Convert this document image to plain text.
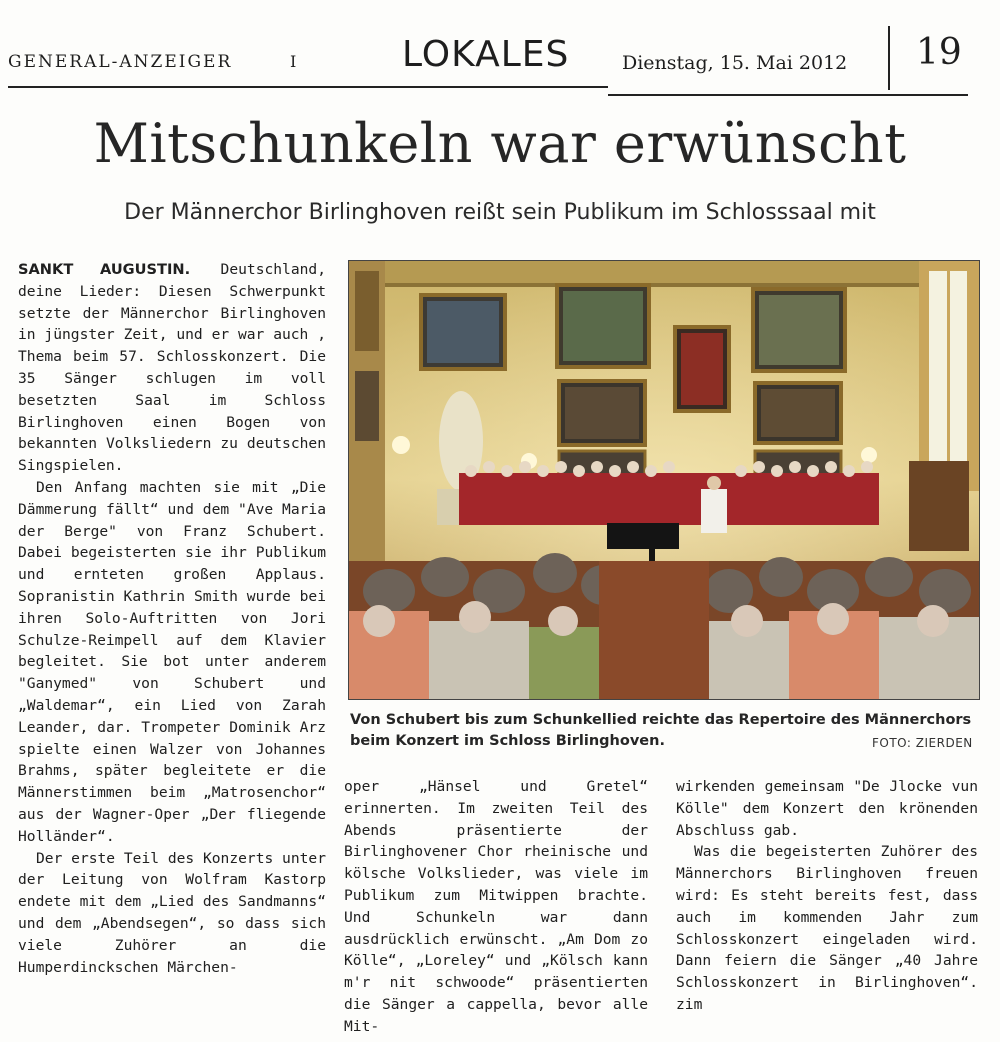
GENERAL-ANZEIGER	I	LOKALES	Dienstag, 15. Mai 2012 19
Mitschunkeln war erwünscht
Der Männerchor Birlinghoven reißt sein Publikum im Schlosssaal mit

SANKT AUGUSTIN. Deutschland, deine Lieder: Diesen Schwerpunkt setzte der Männerchor Birlinghoven in jüngster Zeit, und er war auch , Thema beim 57. Schlosskonzert. Die 35 Sänger schlugen im voll besetzten Saal im Schloss Birlinghoven einen Bogen von bekannten Volksliedern zu deutschen Singspielen.

Den Anfang machten sie mit „Die Dämmerung fällt“ und dem "Ave Maria der Berge" von Franz Schubert. Dabei begeisterten sie ihr Publikum und ernteten großen Applaus. Sopranistin Kathrin Smith wurde bei ihren Solo-Auftritten von Jori Schulze-Reimpell auf dem Klavier begleitet. Sie bot unter anderem "Ganymed" von Schubert und „Waldemar“, ein Lied von Zarah Leander, dar. Trompeter Dominik Arz spielte einen Walzer von Johannes Brahms, später begleitete er die Männerstimmen beim „Matrosenchor“ aus der Wagner-Oper „Der fliegende Holländer“.

Der erste Teil des Konzerts unter der Leitung von Wolfram Kastorp endete mit dem „Lied des Sandmanns“ und dem „Abendsegen“, so dass sich viele Zuhörer an die Humperdinckschen Märchen-

Von Schubert bis zum Schunkellied reichte das Repertoire des Männerchors beim Konzert im Schloss Birlinghoven.	FOTO: ZIERDEN

oper „Hänsel und Gretel“ erinnerten. Im zweiten Teil des Abends präsentierte der Birlinghovener Chor rheinische und kölsche Volkslieder, was viele im Publikum zum Mitwippen brachte. Und Schunkeln war dann ausdrücklich erwünscht. „Am Dom zo Kölle“, „Loreley“ und „Kölsch kann m'r nit schwoode“ präsentierten die Sänger a cappella, bevor alle Mit-

wirkenden gemeinsam "De Jlocke vun Kölle" dem Konzert den krönenden Abschluss gab.

Was die begeisterten Zuhörer des Männerchors Birlinghoven freuen wird: Es steht bereits fest, dass auch im kommenden Jahr zum Schlosskonzert eingeladen wird. Dann feiern die Sänger „40 Jahre Schlosskonzert in Birlinghoven“. zim
